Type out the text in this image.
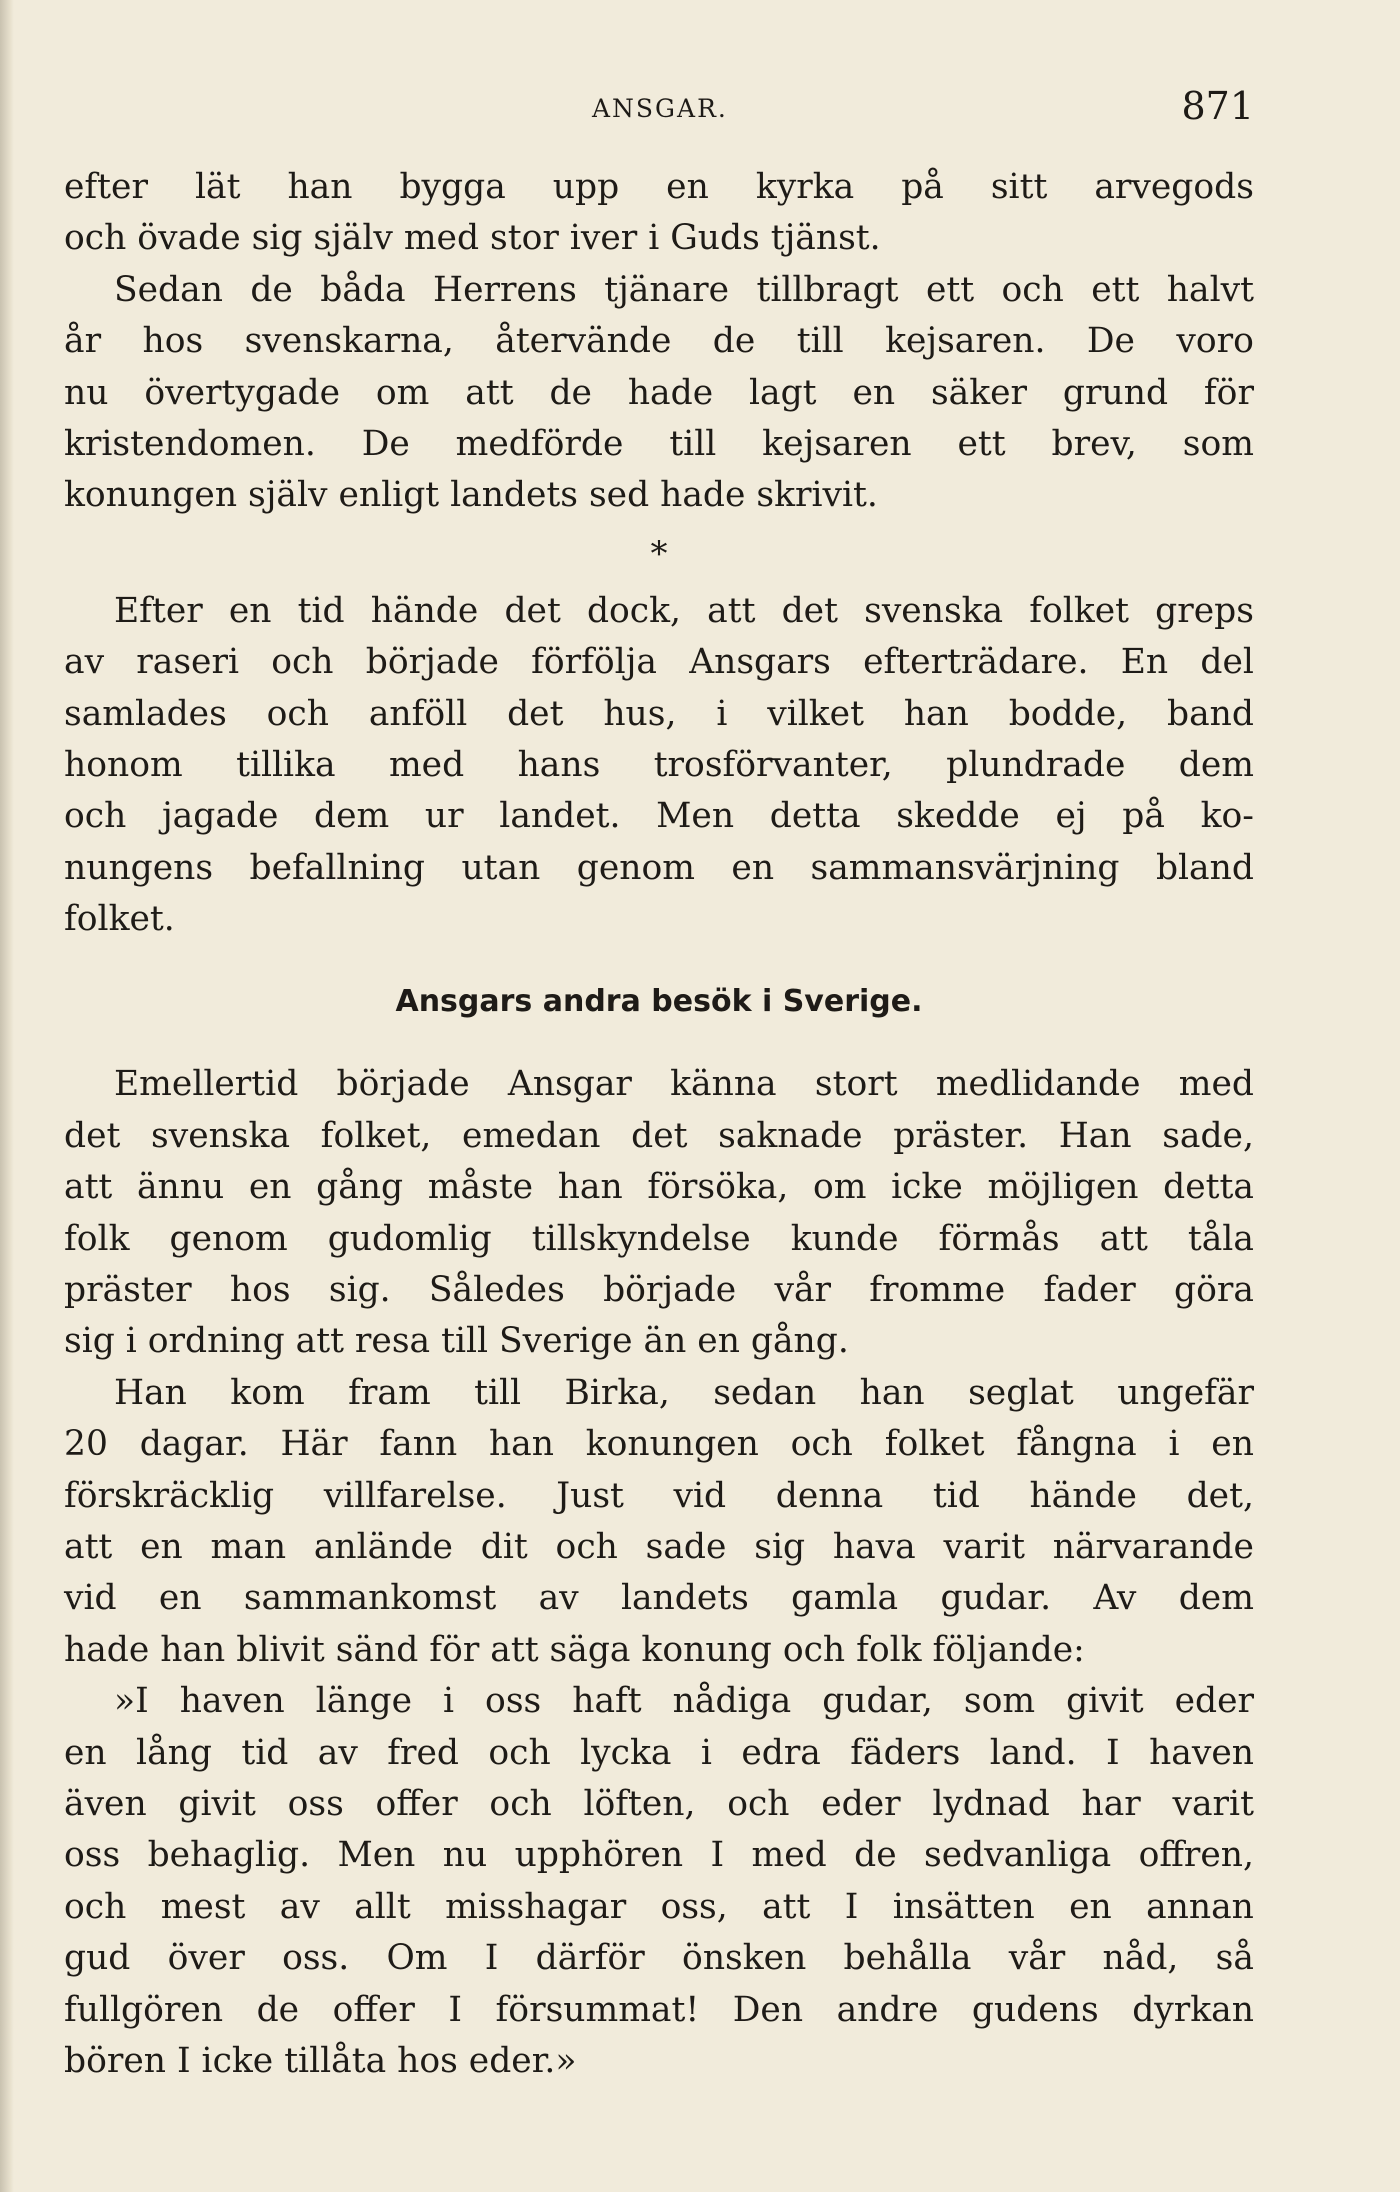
ANSGAR.	871
efter lät han bygga upp en kyrka på sitt arvegods
och övade sig själv med stor iver i Guds tjänst.
Sedan de båda Herrens tjänare tillbragt ett och ett halvt
år hos svenskarna, återvände de till kejsaren. De voro
nu övertygade om att de hade lagt en säker grund för
kristendomen. De medförde till kejsaren ett brev, som
konungen själv enligt landets sed hade skrivit.
*
Efter en tid hände det dock, att det svenska folket greps
av raseri och började förfölja Ansgars efterträdare. En del
samlades och anföll det hus, i vilket han bodde, band
honom tillika med hans trosförvanter, plundrade dem
och jagade dem ur landet. Men detta skedde ej på ko-
nungens befallning utan genom en sammansvärjning bland
folket.
Ansgars andra besök i Sverige.
Emellertid började Ansgar känna stort medlidande med
det svenska folket, emedan det saknade präster. Han sade,
att ännu en gång måste han försöka, om icke möjligen detta
folk genom gudomlig tillskyndelse kunde förmås att tåla
präster hos sig. Således började vår fromme fader göra
sig i ordning att resa till Sverige än en gång.
Han kom fram till Birka, sedan han seglat ungefär
20 dagar. Här fann han konungen och folket fångna i en
förskräcklig villfarelse. Just vid denna tid hände det,
att en man anlände dit och sade sig hava varit närvarande
vid en sammankomst av landets gamla gudar. Av dem
hade han blivit sänd för att säga konung och folk följande:
»I haven länge i oss haft nådiga gudar, som givit eder
en lång tid av fred och lycka i edra fäders land. I haven
även givit oss offer och löften, och eder lydnad har varit
oss behaglig. Men nu upphören I med de sedvanliga offren,
och mest av allt misshagar oss, att I insätten en annan
gud över oss. Om I därför önsken behålla vår nåd, så
fullgören de offer I försummat! Den andre gudens dyrkan
bören I icke tillåta hos eder.»
